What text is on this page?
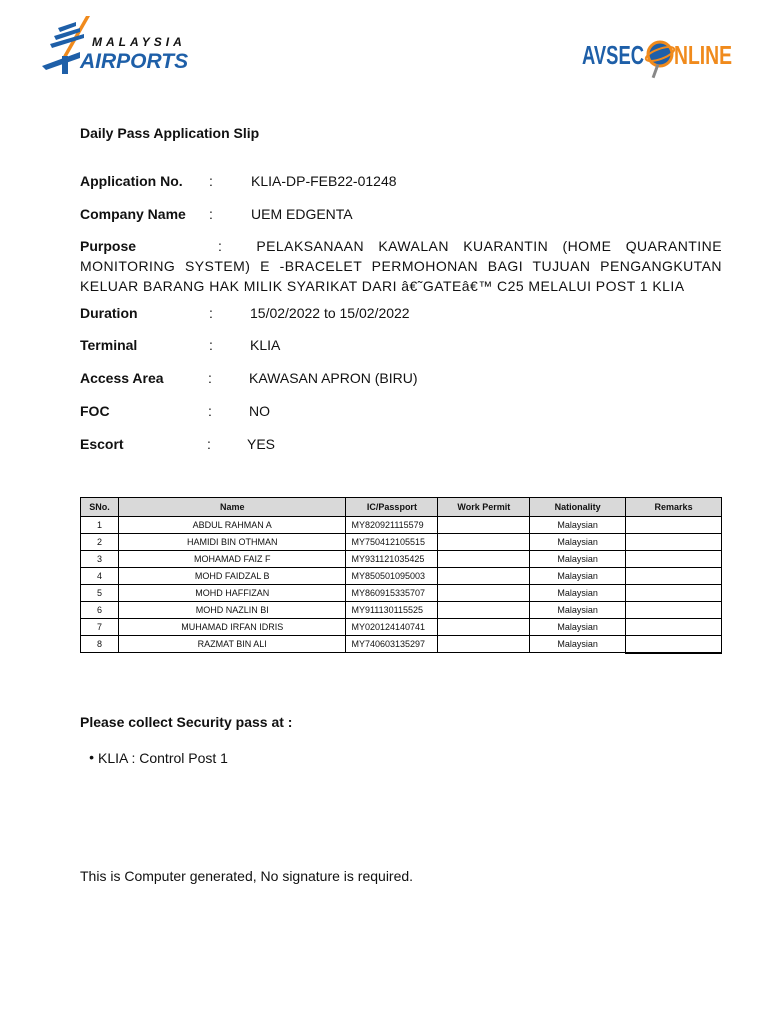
MALAYSIA
AIRPORTS	AVSEC NLINE
Daily Pass Application Slip
Application No. :	KLIA-DP-FEB22-01248
Company Name :	UEM EDGENTA
Purpose	: PELAKSANAAN KAWALAN KUARANTIN (HOME QUARANTINE MONITORING SYSTEM) E -BRACELET PERMOHONAN BAGI TUJUAN PENGANGKUTAN KELUAR BARANG HAK MILIK SYARIKAT DARI â€˜GATEâ€™ C25 MELALUI POST 1 KLIA
Duration	:	15/02/2022 to 15/02/2022
Terminal	:	KLIA
Access Area	:	KAWASAN APRON (BIRU)
FOC	:	NO
Escort	:	YES
SNo.	Name	IC/Passport	Work Permit	Nationality	Remarks
1	ABDUL RAHMAN A	MY820921115579		Malaysian	
2	HAMIDI BIN OTHMAN	MY750412105515		Malaysian	
3	MOHAMAD FAIZ F	MY931121035425		Malaysian	
4	MOHD FAIDZAL B	MY850501095003		Malaysian	
5	MOHD HAFFIZAN	MY860915335707		Malaysian	
6	MOHD NAZLIN BI	MY911130115525		Malaysian	
7	MUHAMAD IRFAN IDRIS	MY020124140741		Malaysian	
8	RAZMAT BIN ALI	MY740603135297		Malaysian	
Please collect Security pass at :
• KLIA : Control Post 1
This is Computer generated, No signature is required.
